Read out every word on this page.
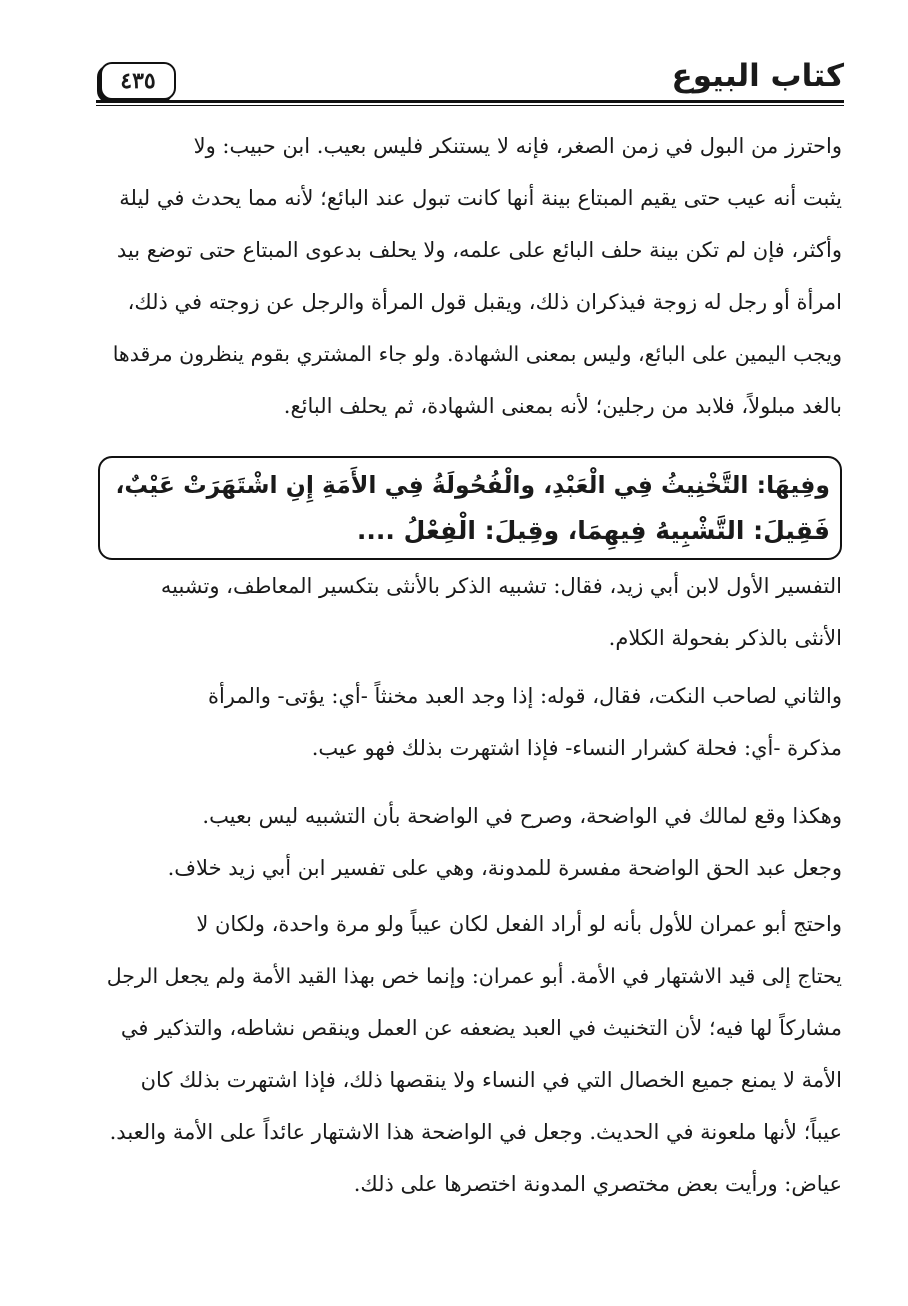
٤٣٥	كتاب البيوع
واحترز من البول في زمن الصغر، فإنه لا يستنكر فليس بعيب. ابن حبيب: ولا
يثبت أنه عيب حتى يقيم المبتاع بينة أنها كانت تبول عند البائع؛ لأنه مما يحدث في ليلة
وأكثر، فإن لم تكن بينة حلف البائع على علمه، ولا يحلف بدعوى المبتاع حتى توضع بيد
امرأة أو رجل له زوجة فيذكران ذلك، ويقبل قول المرأة والرجل عن زوجته في ذلك،
ويجب اليمين على البائع، وليس بمعنى الشهادة. ولو جاء المشتري بقوم ينظرون مرقدها
بالغد مبلولاً، فلابد من رجلين؛ لأنه بمعنى الشهادة، ثم يحلف البائع.
وفِيهَا: التَّخْنِيثُ فِي الْعَبْدِ، والْفُحُولَةُ فِي الأَمَةِ إِنِ اشْتَهَرَتْ عَيْبٌ،
فَقِيلَ: التَّشْبِيهُ فِيهِمَا، وقِيلَ: الْفِعْلُ ....
التفسير الأول لابن أبي زيد، فقال: تشبيه الذكر بالأنثى بتكسير المعاطف، وتشبيه
الأنثى بالذكر بفحولة الكلام.
والثاني لصاحب النكت، فقال، قوله: إذا وجد العبد مخنثاً -أي: يؤتى- والمرأة
مذكرة -أي: فحلة كشرار النساء- فإذا اشتهرت بذلك فهو عيب.
وهكذا وقع لمالك في الواضحة، وصرح في الواضحة بأن التشبيه ليس بعيب.
وجعل عبد الحق الواضحة مفسرة للمدونة، وهي على تفسير ابن أبي زيد خلاف.
واحتج أبو عمران للأول بأنه لو أراد الفعل لكان عيباً ولو مرة واحدة، ولكان لا
يحتاج إلى قيد الاشتهار في الأمة. أبو عمران: وإنما خص بهذا القيد الأمة ولم يجعل الرجل
مشاركاً لها فيه؛ لأن التخنيث في العبد يضعفه عن العمل وينقص نشاطه، والتذكير في
الأمة لا يمنع جميع الخصال التي في النساء ولا ينقصها ذلك، فإذا اشتهرت بذلك كان
عيباً؛ لأنها ملعونة في الحديث. وجعل في الواضحة هذا الاشتهار عائداً على الأمة والعبد.
عياض: ورأيت بعض مختصري المدونة اختصرها على ذلك.
